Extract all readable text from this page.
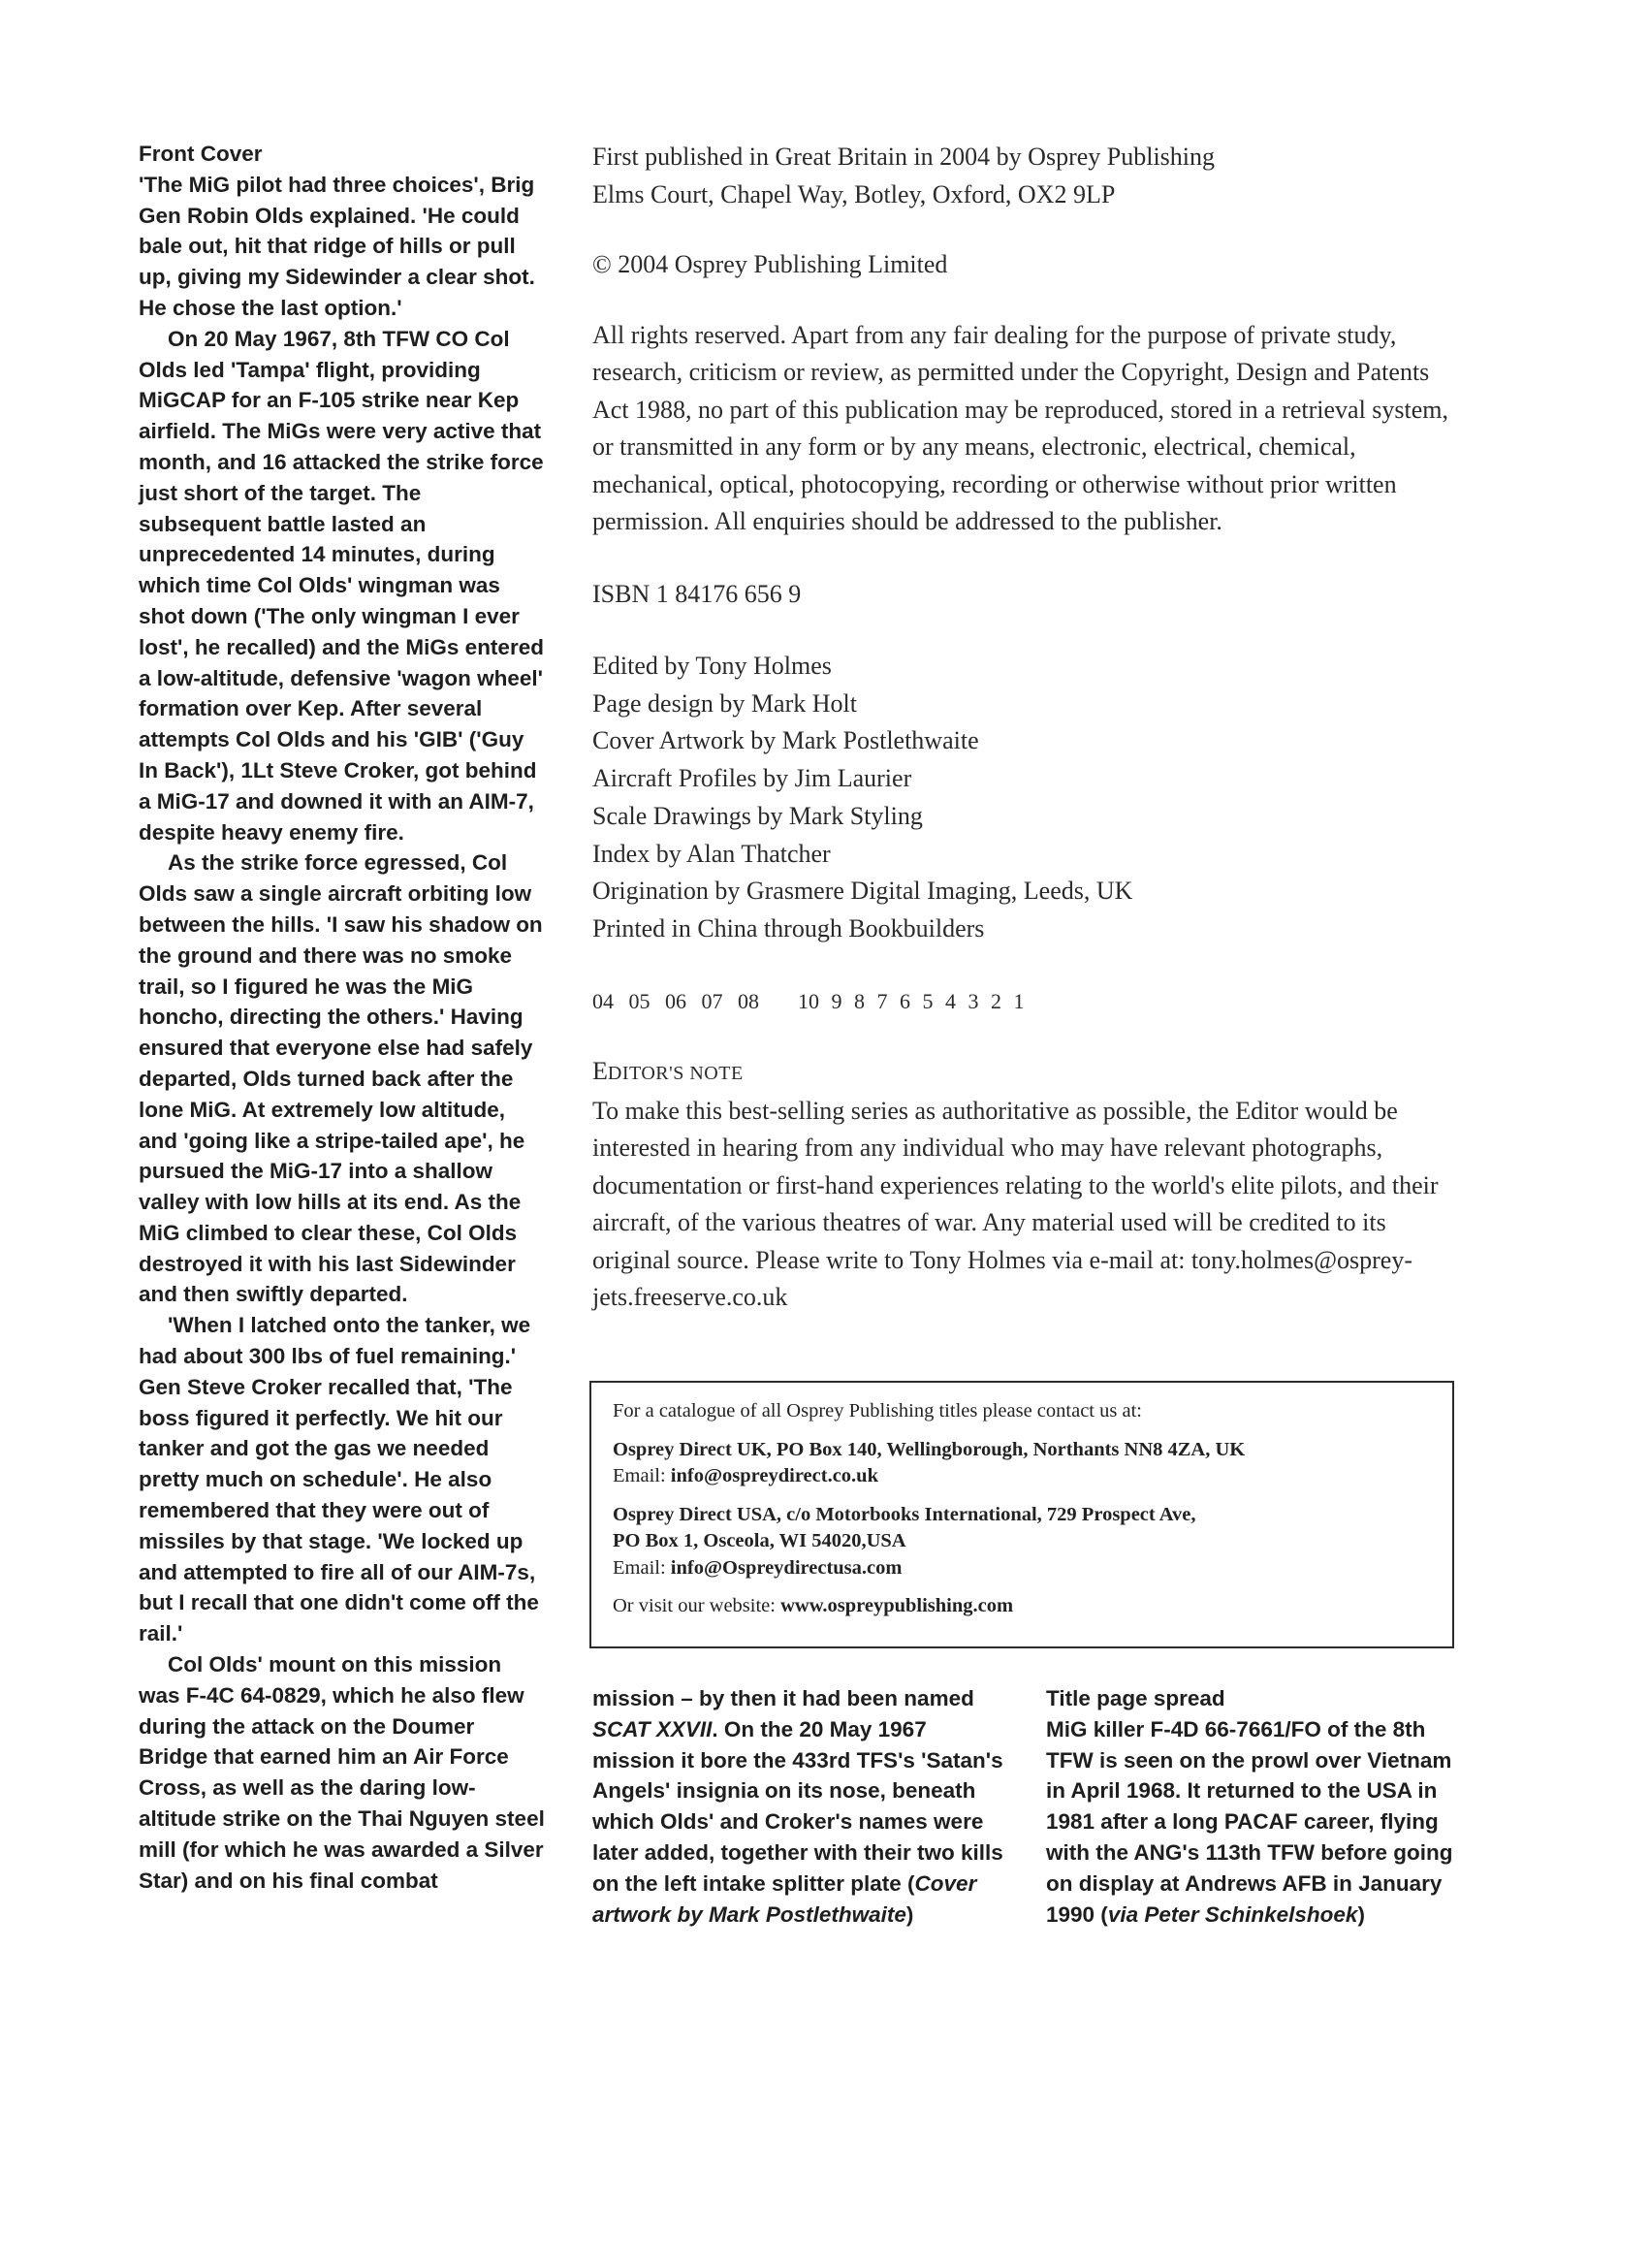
Front Cover
'The MiG pilot had three choices', Brig Gen Robin Olds explained. 'He could bale out, hit that ridge of hills or pull up, giving my Sidewinder a clear shot. He chose the last option.'

On 20 May 1967, 8th TFW CO Col Olds led 'Tampa' flight, providing MiGCAP for an F-105 strike near Kep airfield. The MiGs were very active that month, and 16 attacked the strike force just short of the target. The subsequent battle lasted an unprecedented 14 minutes, during which time Col Olds' wingman was shot down ('The only wingman I ever lost', he recalled) and the MiGs entered a low-altitude, defensive 'wagon wheel' formation over Kep. After several attempts Col Olds and his 'GIB' ('Guy In Back'), 1Lt Steve Croker, got behind a MiG-17 and downed it with an AIM-7, despite heavy enemy fire.

As the strike force egressed, Col Olds saw a single aircraft orbiting low between the hills. 'I saw his shadow on the ground and there was no smoke trail, so I figured he was the MiG honcho, directing the others.' Having ensured that everyone else had safely departed, Olds turned back after the lone MiG. At extremely low altitude, and 'going like a stripe-tailed ape', he pursued the MiG-17 into a shallow valley with low hills at its end. As the MiG climbed to clear these, Col Olds destroyed it with his last Sidewinder and then swiftly departed.

'When I latched onto the tanker, we had about 300 lbs of fuel remaining.' Gen Steve Croker recalled that, 'The boss figured it perfectly. We hit our tanker and got the gas we needed pretty much on schedule'. He also remembered that they were out of missiles by that stage. 'We locked up and attempted to fire all of our AIM-7s, but I recall that one didn't come off the rail.'

Col Olds' mount on this mission was F-4C 64-0829, which he also flew during the attack on the Doumer Bridge that earned him an Air Force Cross, as well as the daring low-altitude strike on the Thai Nguyen steel mill (for which he was awarded a Silver Star) and on his final combat

First published in Great Britain in 2004 by Osprey Publishing

Elms Court, Chapel Way, Botley, Oxford, OX2 9LP

© 2004 Osprey Publishing Limited

All rights reserved. Apart from any fair dealing for the purpose of private study, research, criticism or review, as permitted under the Copyright, Design and Patents Act 1988, no part of this publication may be reproduced, stored in a retrieval system, or transmitted in any form or by any means, electronic, electrical, chemical, mechanical, optical, photocopying, recording or otherwise without prior written permission. All enquiries should be addressed to the publisher.

ISBN 1 84176 656 9

Edited by Tony Holmes

Page design by Mark Holt

Cover Artwork by Mark Postlethwaite

Aircraft Profiles by Jim Laurier

Scale Drawings by Mark Styling

Index by Alan Thatcher

Origination by Grasmere Digital Imaging, Leeds, UK

Printed in China through Bookbuilders

04 05 06 07 08 10 9 8 7 6 5 4 3 2 1

EDITOR'S NOTE

To make this best-selling series as authoritative as possible, the Editor would be interested in hearing from any individual who may have relevant photographs, documentation or first-hand experiences relating to the world's elite pilots, and their aircraft, of the various theatres of war. Any material used will be credited to its original source. Please write to Tony Holmes via e-mail at: tony.holmes@osprey-jets.freeserve.co.uk

For a catalogue of all Osprey Publishing titles please contact us at:

Osprey Direct UK, PO Box 140, Wellingborough, Northants NN8 4ZA, UK

Email: info@ospreydirect.co.uk

Osprey Direct USA, c/o Motorbooks International, 729 Prospect Ave,

PO Box 1, Osceola, WI 54020,USA

Email: info@Ospreydirectusa.com

Or visit our website: www.ospreypublishing.com

mission – by then it had been named SCAT XXVII. On the 20 May 1967 mission it bore the 433rd TFS's 'Satan's Angels' insignia on its nose, beneath which Olds' and Croker's names were later added, together with their two kills on the left intake splitter plate (Cover artwork by Mark Postlethwaite)

Title page spread

MiG killer F-4D 66-7661/FO of the 8th TFW is seen on the prowl over Vietnam in April 1968. It returned to the USA in 1981 after a long PACAF career, flying with the ANG's 113th TFW before going on display at Andrews AFB in January 1990 (via Peter Schinkelshoek)
